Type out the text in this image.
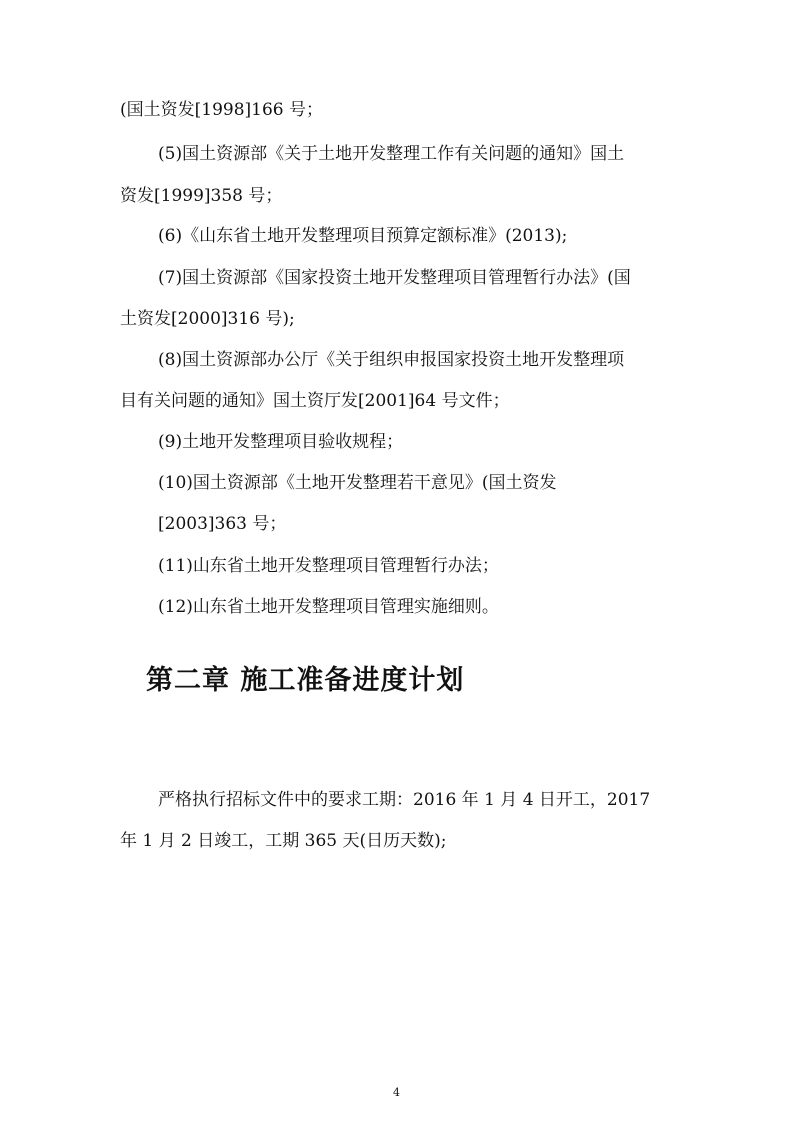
(国土资发[1998]166 号；
(5)国土资源部《关于土地开发整理工作有关问题的通知》国土
资发[1999]358 号；
(6)《山东省土地开发整理项目预算定额标准》(2013);
(7)国土资源部《国家投资土地开发整理项目管理暂行办法》(国
土资发[2000]316 号);
(8)国土资源部办公厅《关于组织申报国家投资土地开发整理项
目有关问题的通知》国土资厅发[2001]64 号文件；
(9)土地开发整理项目验收规程；
(10)国土资源部《土地开发整理若干意见》(国土资发
[2003]363 号；
(11)山东省土地开发整理项目管理暂行办法；
(12)山东省土地开发整理项目管理实施细则。
第二章 施工准备进度计划
严格执行招标文件中的要求工期：2016 年 1 月 4 日开工，2017
年 1 月 2 日竣工，工期 365 天(日历天数);
4
